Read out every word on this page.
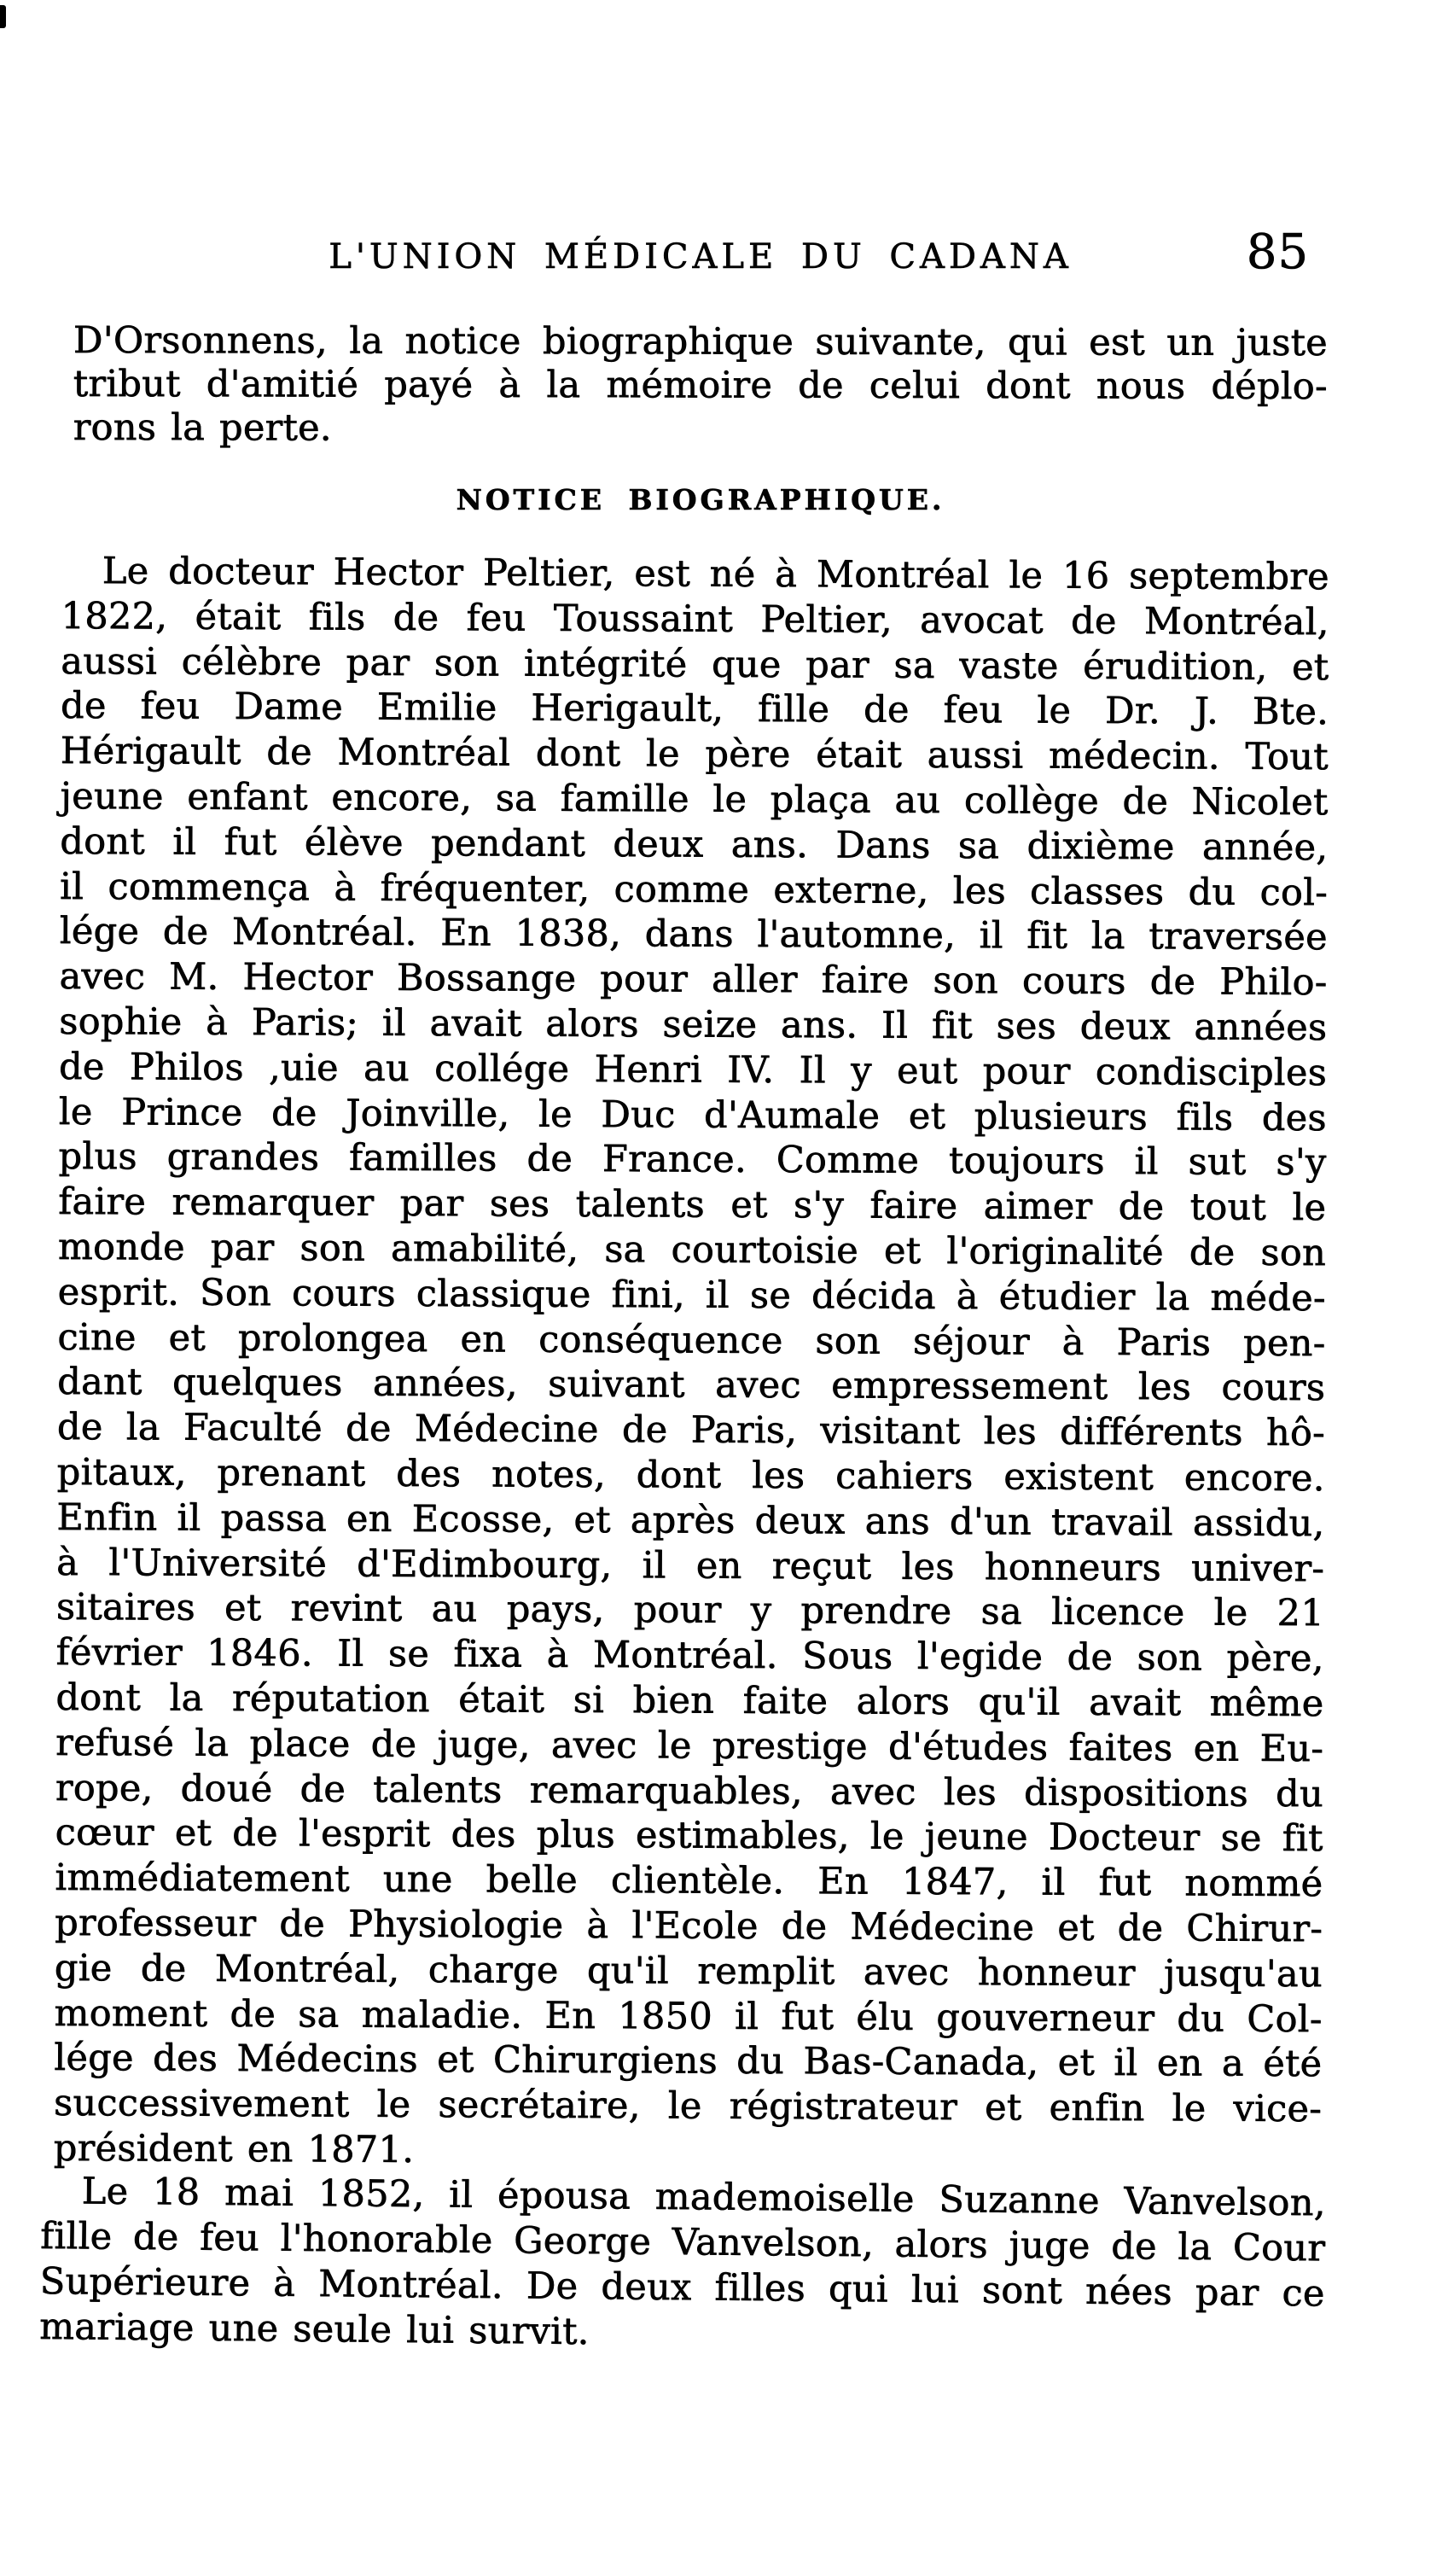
L'UNION MÉDICALE DU CADANA	85
D'Orsonnens, la notice biographique suivante, qui est un juste
tribut d'amitié payé à la mémoire de celui dont nous déplo-
rons la perte.
NOTICE BIOGRAPHIQUE.
Le docteur Hector Peltier, est né à Montréal le 16 septembre
1822, était fils de feu Toussaint Peltier, avocat de Montréal,
aussi célèbre par son intégrité que par sa vaste érudition, et
de feu Dame Emilie Herigault, fille de feu le Dr. J. Bte.
Hérigault de Montréal dont le père était aussi médecin. Tout
jeune enfant encore, sa famille le plaça au collège de Nicolet
dont il fut élève pendant deux ans. Dans sa dixième année,
il commença à fréquenter, comme externe, les classes du col-
lége de Montréal. En 1838, dans l'automne, il fit la traversée
avec M. Hector Bossange pour aller faire son cours de Philo-
sophie à Paris; il avait alors seize ans. Il fit ses deux années
de Philos ,uie au collége Henri IV. Il y eut pour condisciples
le Prince de Joinville, le Duc d'Aumale et plusieurs fils des
plus grandes familles de France. Comme toujours il sut s'y
faire remarquer par ses talents et s'y faire aimer de tout le
monde par son amabilité, sa courtoisie et l'originalité de son
esprit. Son cours classique fini, il se décida à étudier la méde-
cine et prolongea en conséquence son séjour à Paris pen-
dant quelques années, suivant avec empressement les cours
de la Faculté de Médecine de Paris, visitant les différents hô-
pitaux, prenant des notes, dont les cahiers existent encore.
Enfin il passa en Ecosse, et après deux ans d'un travail assidu,
à l'Université d'Edimbourg, il en reçut les honneurs univer-
sitaires et revint au pays, pour y prendre sa licence le 21
février 1846. Il se fixa à Montréal. Sous l'egide de son père,
dont la réputation était si bien faite alors qu'il avait même
refusé la place de juge, avec le prestige d'études faites en Eu-
rope, doué de talents remarquables, avec les dispositions du
cœur et de l'esprit des plus estimables, le jeune Docteur se fit
immédiatement une belle clientèle. En 1847, il fut nommé
professeur de Physiologie à l'Ecole de Médecine et de Chirur-
gie de Montréal, charge qu'il remplit avec honneur jusqu'au
moment de sa maladie. En 1850 il fut élu gouverneur du Col-
lége des Médecins et Chirurgiens du Bas-Canada, et il en a été
successivement le secrétaire, le régistrateur et enfin le vice-
président en 1871.
Le 18 mai 1852, il épousa mademoiselle Suzanne Vanvelson,
fille de feu l'honorable George Vanvelson, alors juge de la Cour
Supérieure à Montréal. De deux filles qui lui sont nées par ce
mariage une seule lui survit.
